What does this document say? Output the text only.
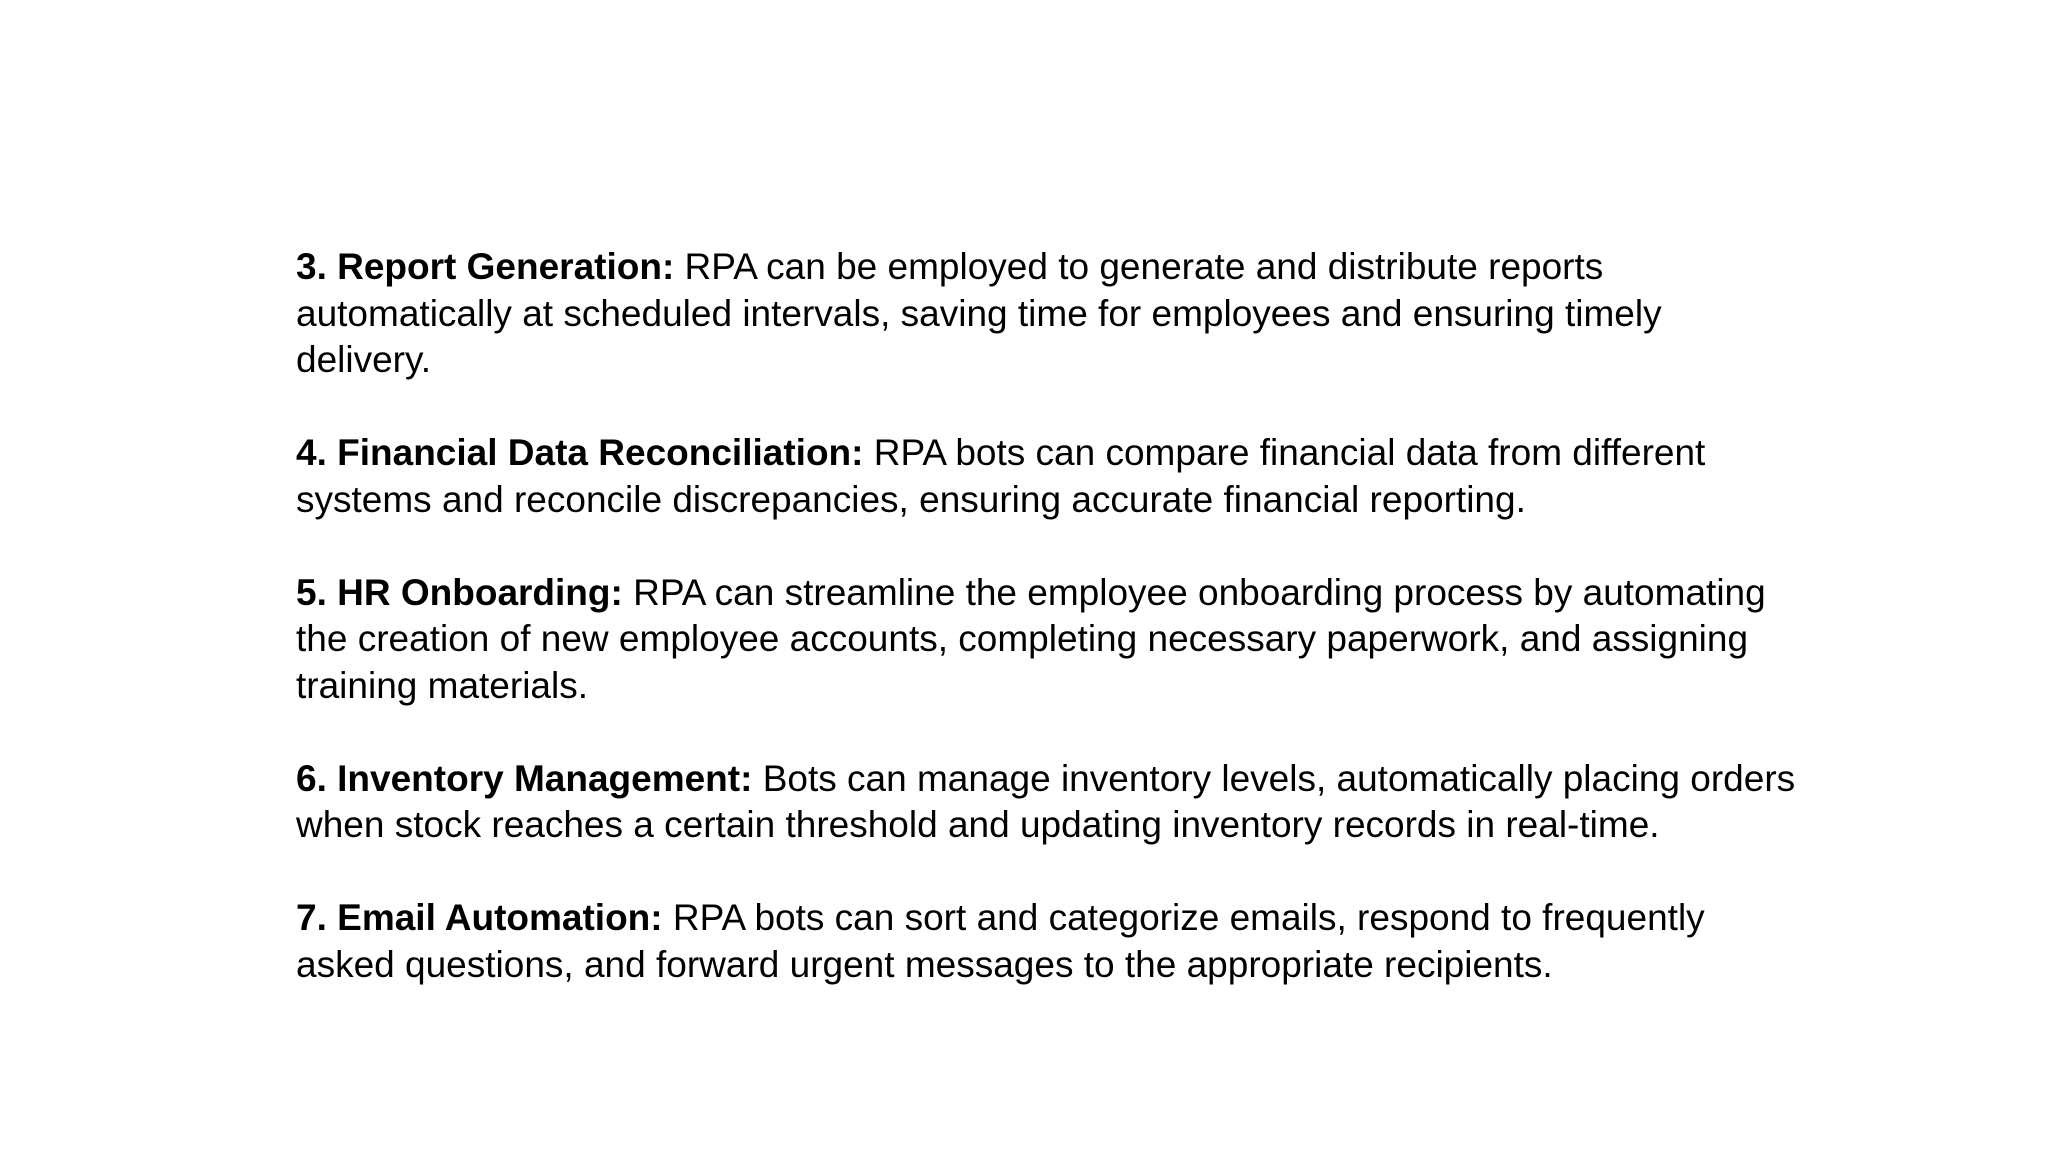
3. Report Generation: RPA can be employed to generate and distribute reports automatically at scheduled intervals, saving time for employees and ensuring timely delivery.

4. Financial Data Reconciliation: RPA bots can compare financial data from different systems and reconcile discrepancies, ensuring accurate financial reporting.

5. HR Onboarding: RPA can streamline the employee onboarding process by automating the creation of new employee accounts, completing necessary paperwork, and assigning training materials.

6. Inventory Management: Bots can manage inventory levels, automatically placing orders when stock reaches a certain threshold and updating inventory records in real-time.

7. Email Automation: RPA bots can sort and categorize emails, respond to frequently asked questions, and forward urgent messages to the appropriate recipients.
